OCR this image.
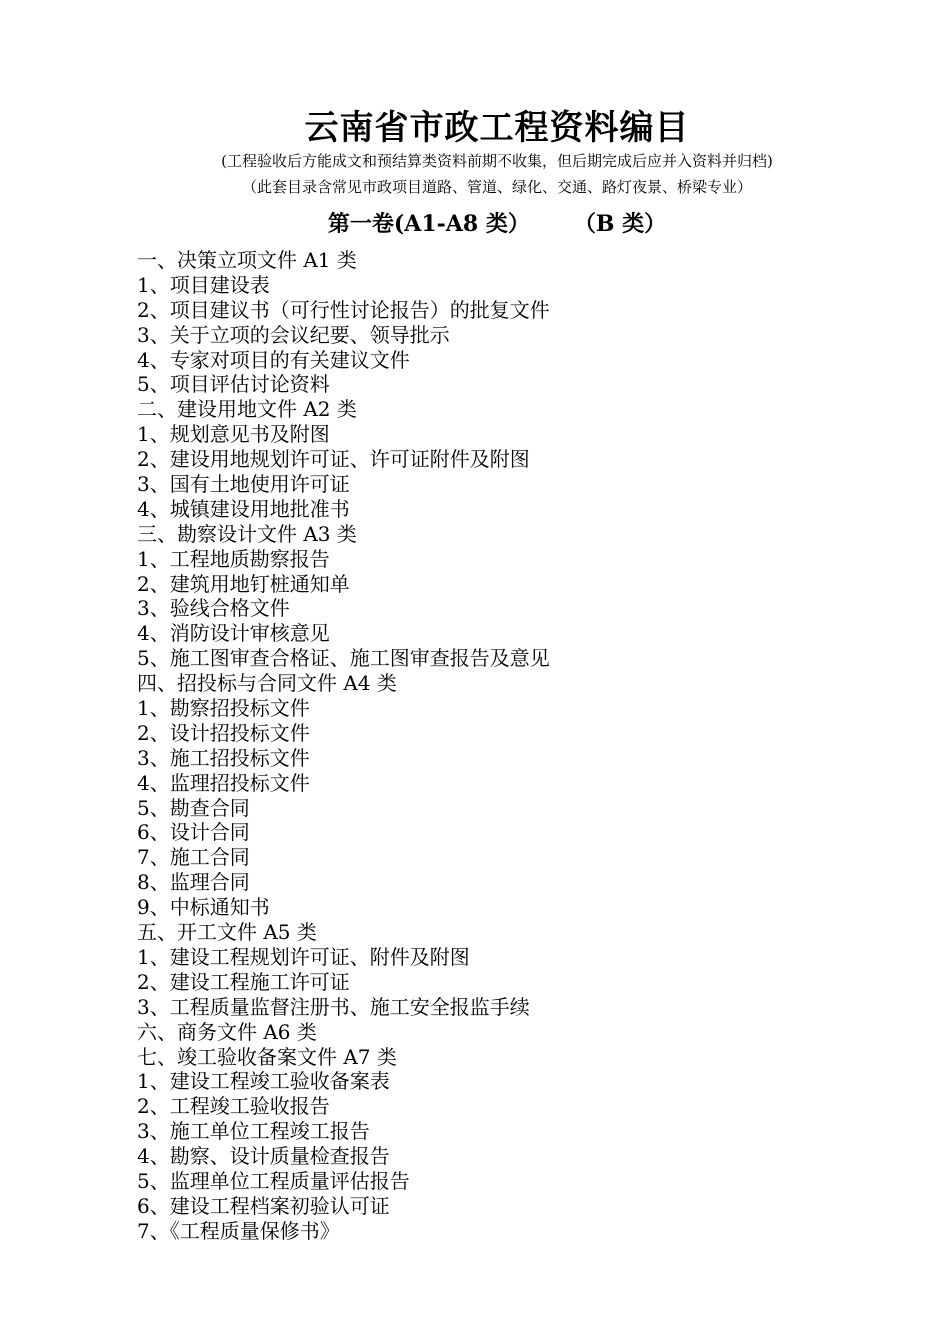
云南省市政工程资料编目
(工程验收后方能成文和预结算类资料前期不收集，但后期完成后应并入资料并归档)
（此套目录含常见市政项目道路、管道、绿化、交通、路灯夜景、桥梁专业）
第一卷(A1-A8 类） （B 类）
一、决策立项文件 A1 类
1、项目建设表
2、项目建议书（可行性讨论报告）的批复文件
3、关于立项的会议纪要、领导批示
4、专家对项目的有关建议文件
5、项目评估讨论资料
二、建设用地文件 A2 类
1、规划意见书及附图
2、建设用地规划许可证、许可证附件及附图
3、国有土地使用许可证
4、城镇建设用地批准书
三、勘察设计文件 A3 类
1、工程地质勘察报告
2、建筑用地钉桩通知单
3、验线合格文件
4、消防设计审核意见
5、施工图审查合格证、施工图审查报告及意见
四、招投标与合同文件 A4 类
1、勘察招投标文件
2、设计招投标文件
3、施工招投标文件
4、监理招投标文件
5、勘查合同
6、设计合同
7、施工合同
8、监理合同
9、中标通知书
五、开工文件 A5 类
1、建设工程规划许可证、附件及附图
2、建设工程施工许可证
3、工程质量监督注册书、施工安全报监手续
六、商务文件 A6 类
七、竣工验收备案文件 A7 类
1、建设工程竣工验收备案表
2、工程竣工验收报告
3、施工单位工程竣工报告
4、勘察、设计质量检查报告
5、监理单位工程质量评估报告
6、建设工程档案初验认可证
7、《工程质量保修书》
